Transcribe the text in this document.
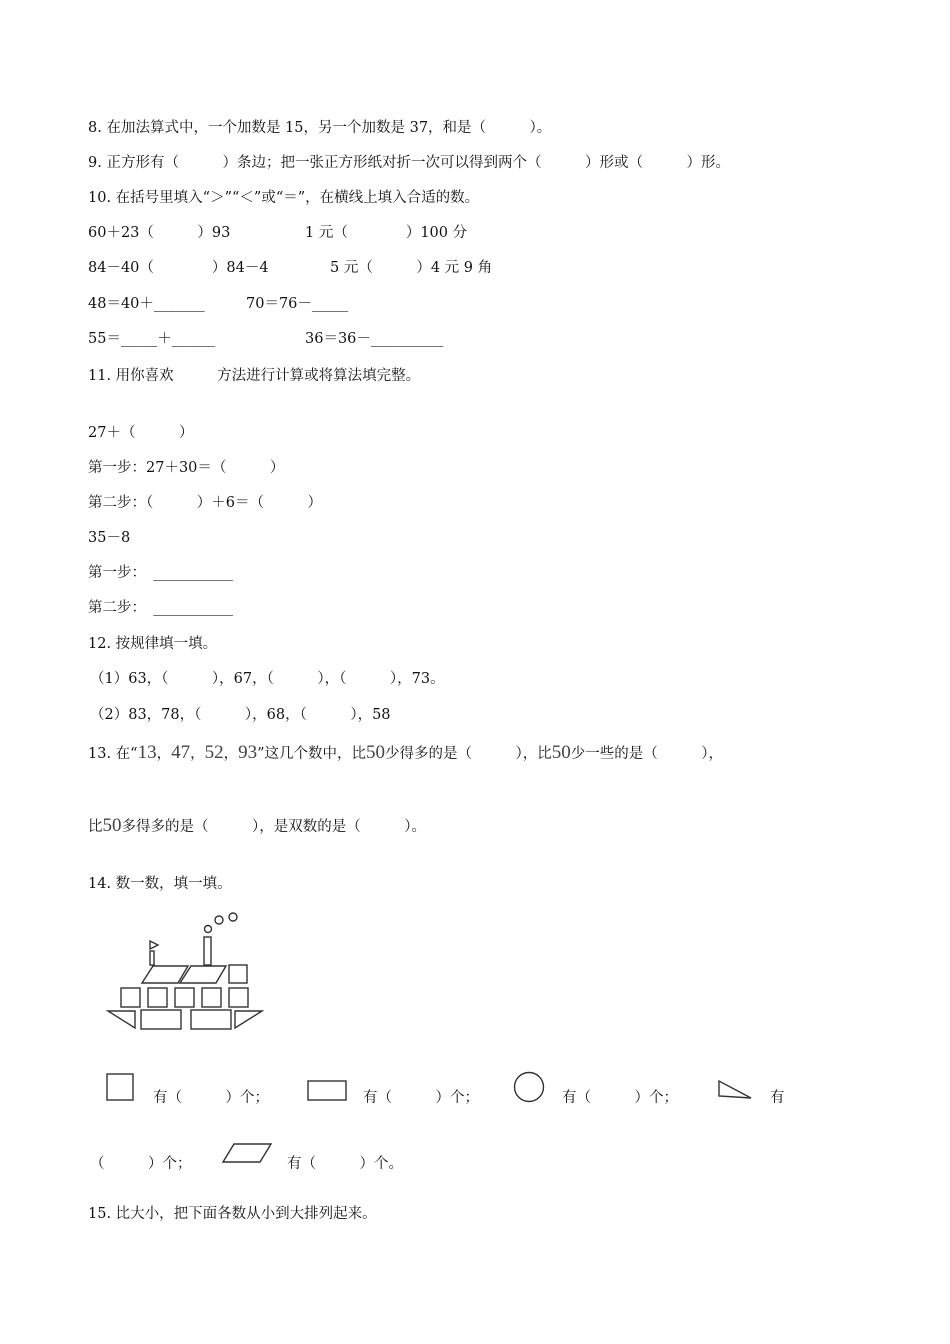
8. 在加法算式中，一个加数是 15，另一个加数是 37，和是（　　　）。
9. 正方形有（　　　）条边；把一张正方形纸对折一次可以得到两个（　　　）形或（　　　）形。
10. 在括号里填入“＞”“＜”或“＝”，在横线上填入合适的数。
60＋23（　　　）93	1 元（　　　　）100 分
84－40（　　　　）84－4	5 元（　　　）4 元 9 角
48＝40＋_______	70＝76－_____
55＝_____＋______	36＝36－__________
11. 用你喜欢　　　方法进行计算或将算法填完整。
27＋（　　　）
第一步：27＋30＝（　　　）
第二步：（　　　）＋6＝（　　　）
35－8
第一步：　___________
第二步：　___________
12. 按规律填一填。
（1）63，（　　　），67，（　　　），（　　　），73。
（2）83，78，（　　　），68，（　　　），58
13. 在“13，47，52，93”这几个数中，比50少得多的是（　　　），比50少一些的是（　　　），
比50多得多的是（　　　），是双数的是（　　　）。
14. 数一数，填一填。
有（　　　）个；	有（　　　）个；	有（　　　）个；	有
（　　　）个；	有（　　　）个。
15. 比大小，把下面各数从小到大排列起来。
